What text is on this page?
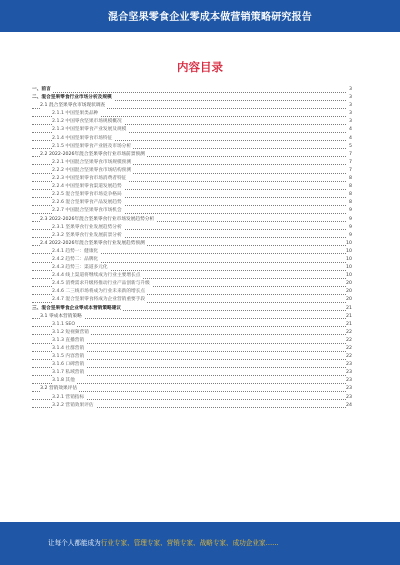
混合坚果零食企业零成本做营销策略研究报告
内容目录
一、前言	3
二、混合坚果零食行业市场分析及规模	3
2.1 混合坚果零食市场现状调查	3
2.1.1 中国坚果类品种	3
2.1.2 中国零食坚果市场规模概况	3
2.1.3 中国坚果零食产业发展及规模	4
2.1.4 中国坚果零食市场特征	4
2.1.5 中国坚果零食产业链及市场分析	5
2.2 2022-2026年混合坚果零食行业市场前景预测	7
2.2.1 中国混合坚果零食市场规模预测	7
2.2.2 中国混合坚果零食市场结构预测	7
2.2.3 中国坚果零食市场消费者特征	8
2.2.4 中国坚果零食渠道发展趋势	8
2.2.5 混合坚果零食市场竞争格局	8
2.2.6 混合坚果零食产品发展趋势	8
2.2.7 中国混合坚果零食市场机会	9
2.3 2022-2026年混合坚果零食行业市场发展趋势分析	9
2.3.1 坚果零食行业发展趋势分析	9
2.3.2 坚果零食行业发展前景分析	9
2.4 2022-2026年混合坚果零食行业发展趋势预测	10
2.4.1 趋势一：健康化	10
2.4.2 趋势二：品牌化	10
2.4.3 趋势三：渠道多元化	10
2.4.4 线上渠道将继续成为行业主要增长点	10
2.4.5 消费需求升级将推动行业产品创新与升级	20
2.4.6 二三线市场将成为行业未来新的增长点	20
2.4.7 混合坚果零食将成为企业营销重要手段	20
三、混合坚果零食企业零成本营销策略建议	21
3.1 零成本营销策略	21
3.1.1 SEO	21
3.1.2 短视频营销	22
3.1.3 直播营销	22
3.1.4 社群营销	22
3.1.5 内容营销	22
3.1.6 口碑营销	23
3.1.7 私域营销	23
3.1.8 其他	23
3.2 营销效果评估	23
3.2.1 营销指标	23
3.2.2 营销效果评估	24
让每个人都能成为行业专家、管理专家、营销专家、战略专家、成功企业家……
